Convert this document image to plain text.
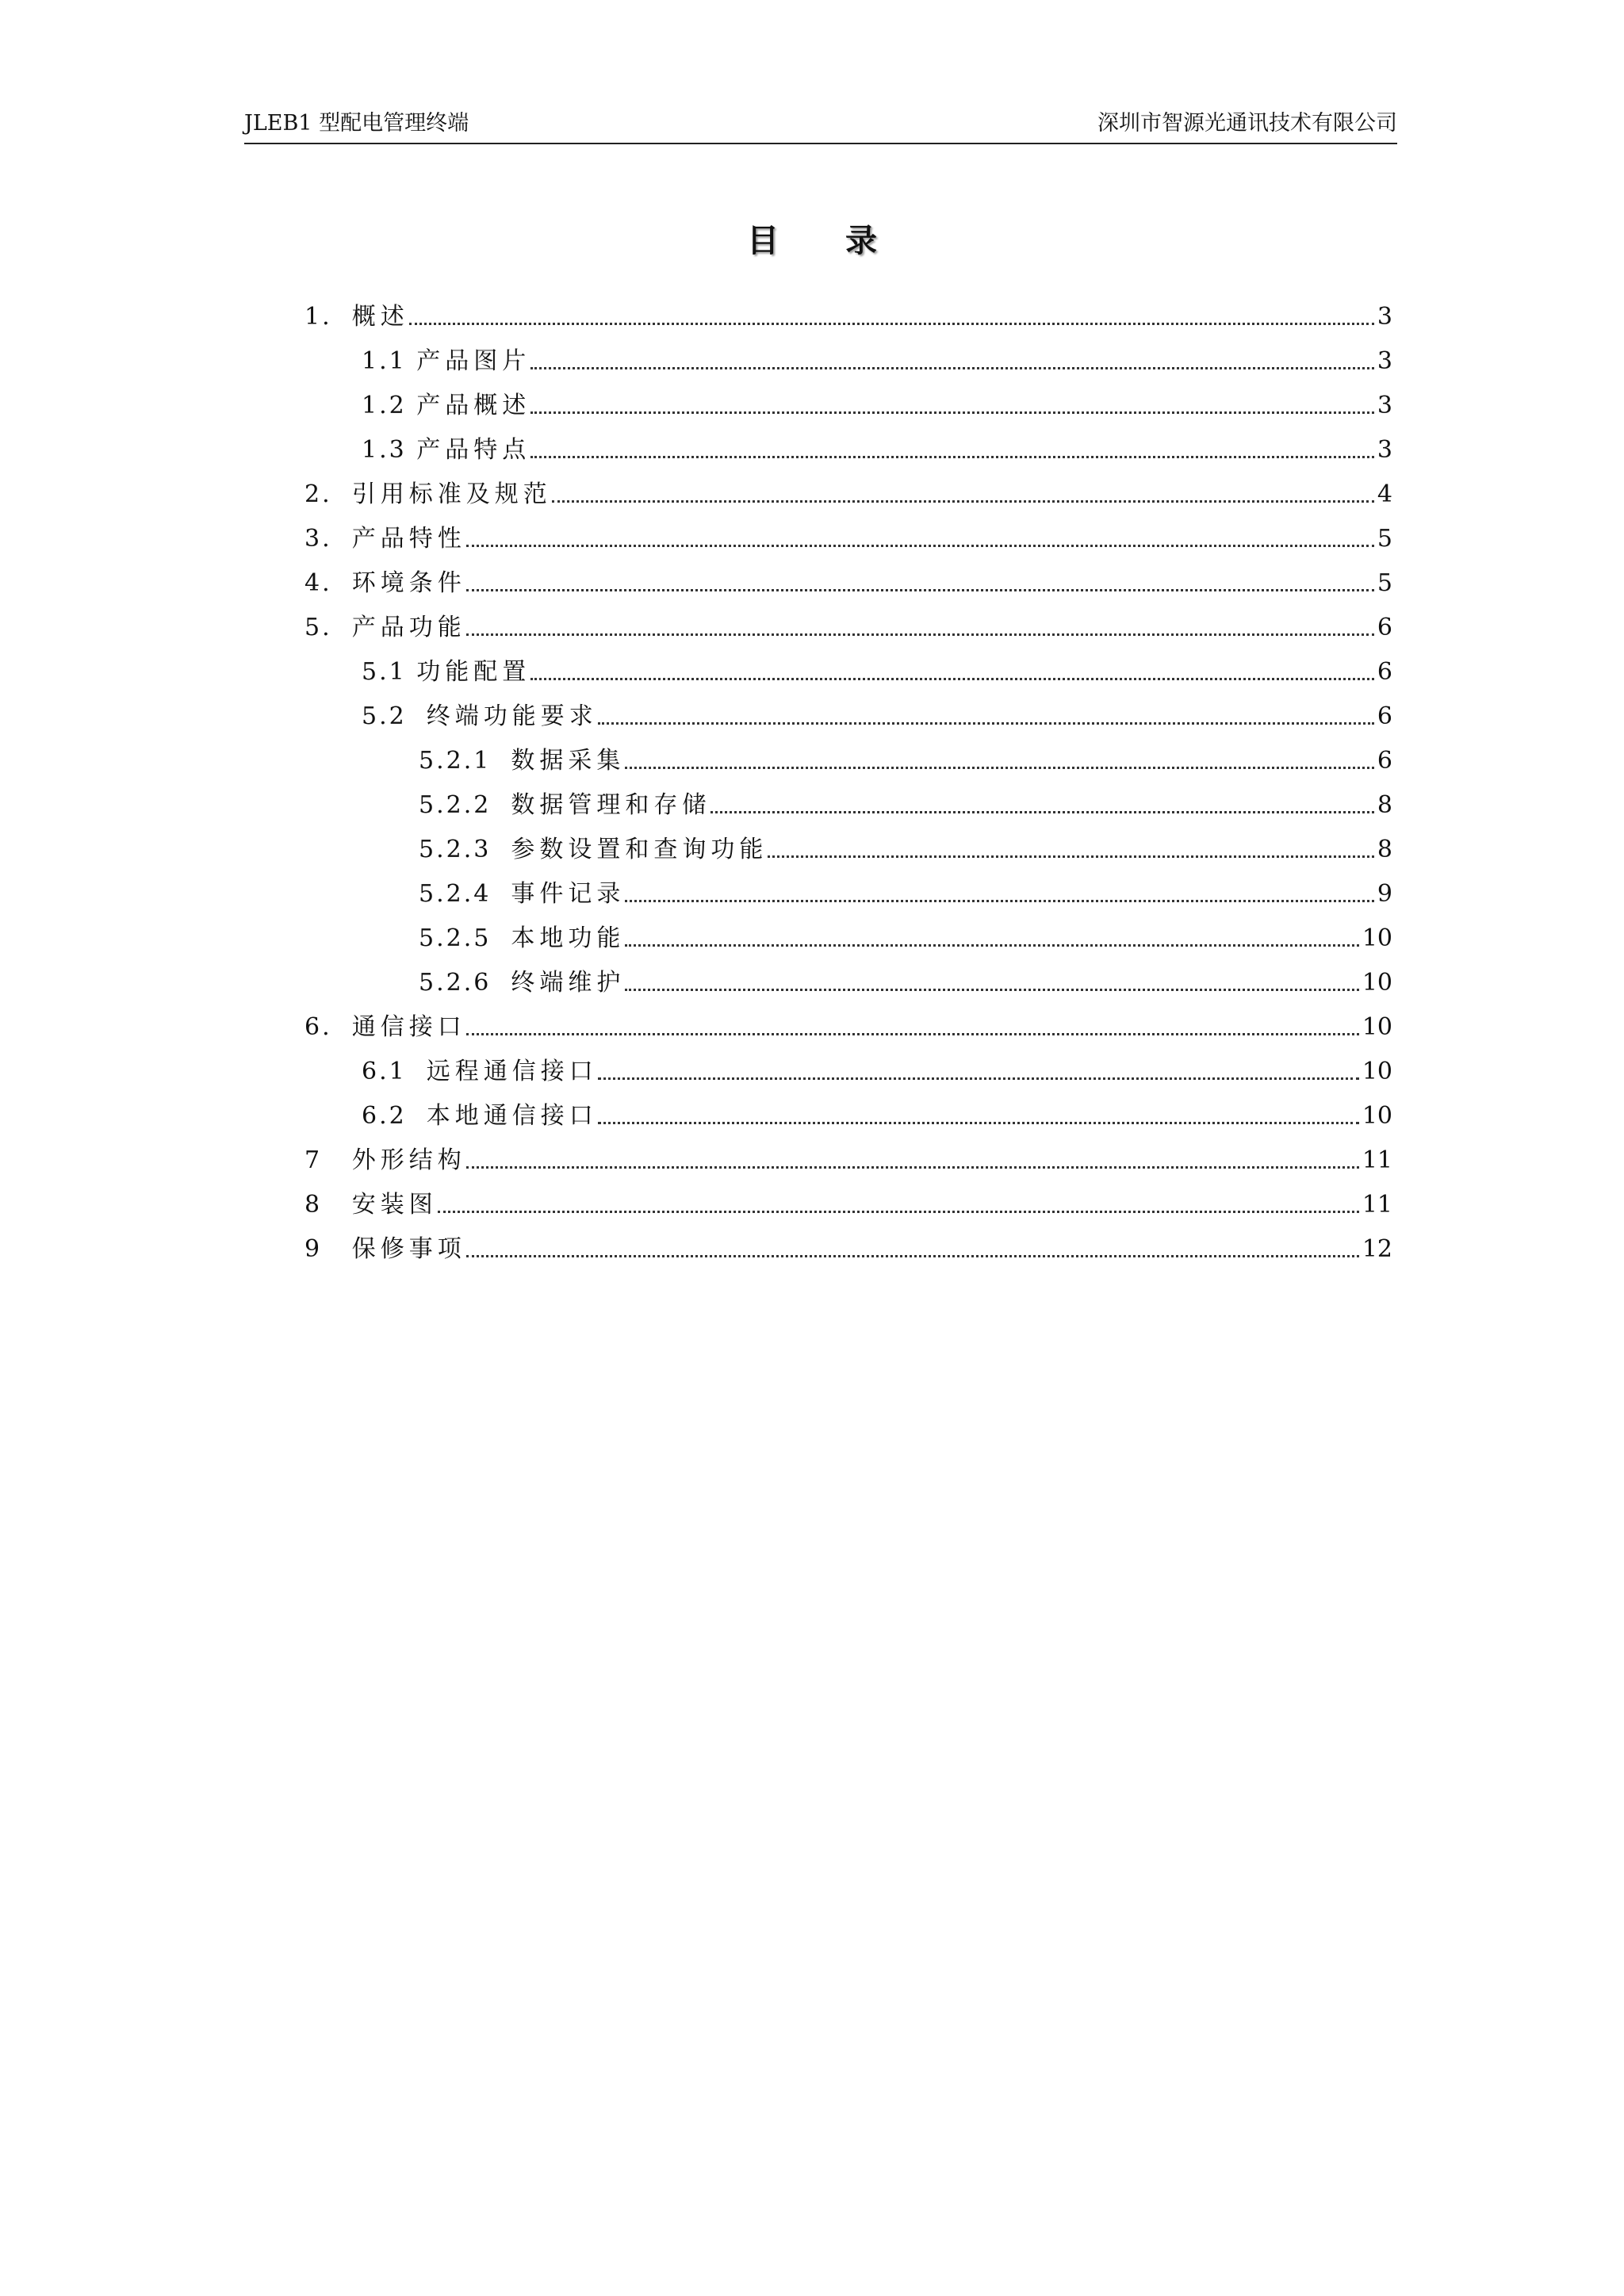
JLEB1 型配电管理终端	深圳市智源光通讯技术有限公司
目录
1. 概述	3
1.1 产品图片	3
1.2 产品概述	3
1.3 产品特点	3
2. 引用标准及规范	4
3. 产品特性	5
4. 环境条件	5
5. 产品功能	6
5.1 功能配置	6
5.2 终端功能要求	6
5.2.1 数据采集	6
5.2.2 数据管理和存储	8
5.2.3 参数设置和查询功能	8
5.2.4 事件记录	9
5.2.5 本地功能	10
5.2.6 终端维护	10
6. 通信接口	10
6.1 远程通信接口	10
6.2 本地通信接口	10
7 外形结构	11
8 安装图	11
9 保修事项	12
